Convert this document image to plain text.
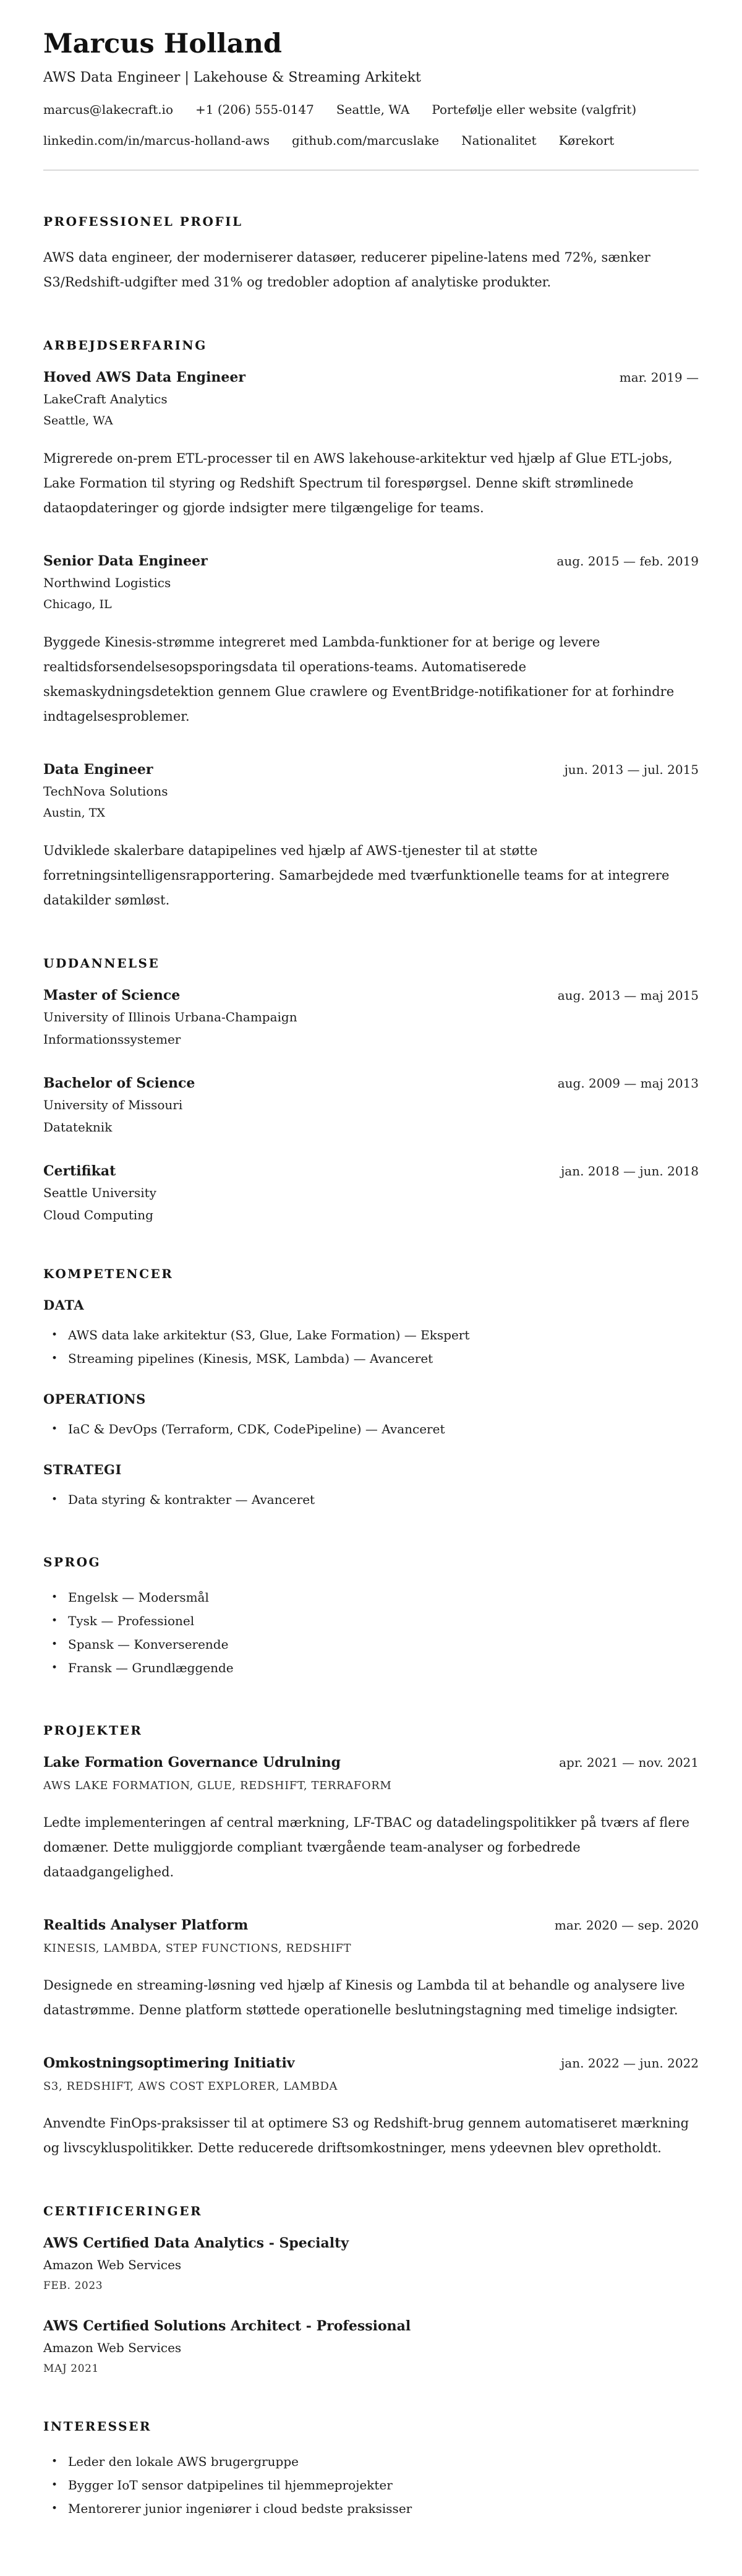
Marcus Holland
AWS Data Engineer | Lakehouse & Streaming Arkitekt
marcus@lakecraft.io +1 (206) 555-0147 Seattle, WA Portefølje eller website (valgfrit)
linkedin.com/in/marcus-holland-aws github.com/marcuslake Nationalitet Kørekort
PROFESSIONEL PROFIL

AWS data engineer, der moderniserer datasøer, reducerer pipeline-latens med 72%, sænker S3/Redshift-udgifter med 31% og tredobler adoption af analytiske produkter.

ARBEJDSERFARING
Hoved AWS Data Engineer	mar. 2019 —
LakeCraft Analytics
Seattle, WA

Migrerede on-prem ETL-processer til en AWS lakehouse-arkitektur ved hjælp af Glue ETL-jobs, Lake Formation til styring og Redshift Spectrum til forespørgsel. Denne skift strømlinede dataopdateringer og gjorde indsigter mere tilgængelige for teams.

Senior Data Engineer	aug. 2015 — feb. 2019
Northwind Logistics
Chicago, IL

Byggede Kinesis-strømme integreret med Lambda-funktioner for at berige og levere realtidsforsendelsesopsporingsdata til operations-teams. Automatiserede skemaskydningsdetektion gennem Glue crawlere og EventBridge-notifikationer for at forhindre indtagelsesproblemer.

Data Engineer	jun. 2013 — jul. 2015
TechNova Solutions
Austin, TX

Udviklede skalerbare datapipelines ved hjælp af AWS-tjenester til at støtte forretningsintelligensrapportering. Samarbejdede med tværfunktionelle teams for at integrere datakilder sømløst.

UDDANNELSE
Master of Science	aug. 2013 — maj 2015
University of Illinois Urbana-Champaign
Informationssystemer
Bachelor of Science	aug. 2009 — maj 2013
University of Missouri
Datateknik
Certifikat	jan. 2018 — jun. 2018
Seattle University
Cloud Computing
KOMPETENCER
DATA
• AWS data lake arkitektur (S3, Glue, Lake Formation) — Ekspert
• Streaming pipelines (Kinesis, MSK, Lambda) — Avanceret
OPERATIONS
• IaC & DevOps (Terraform, CDK, CodePipeline) — Avanceret
STRATEGI
• Data styring & kontrakter — Avanceret
SPROG
• Engelsk — Modersmål
• Tysk — Professionel
• Spansk — Konverserende
• Fransk — Grundlæggende
PROJEKTER
Lake Formation Governance Udrulning	apr. 2021 — nov. 2021
AWS LAKE FORMATION, GLUE, REDSHIFT, TERRAFORM

Ledte implementeringen af central mærkning, LF-TBAC og datadelingspolitikker på tværs af flere domæner. Dette muliggjorde compliant tværgående team-analyser og forbedrede dataadgangelighed.

Realtids Analyser Platform	mar. 2020 — sep. 2020
KINESIS, LAMBDA, STEP FUNCTIONS, REDSHIFT

Designede en streaming-løsning ved hjælp af Kinesis og Lambda til at behandle og analysere live datastrømme. Denne platform støttede operationelle beslutningstagning med timelige indsigter.

Omkostningsoptimering Initiativ	jan. 2022 — jun. 2022
S3, REDSHIFT, AWS COST EXPLORER, LAMBDA

Anvendte FinOps-praksisser til at optimere S3 og Redshift-brug gennem automatiseret mærkning og livscykluspolitikker. Dette reducerede driftsomkostninger, mens ydeevnen blev opretholdt.

CERTIFICERINGER
AWS Certified Data Analytics - Specialty
Amazon Web Services
FEB. 2023
AWS Certified Solutions Architect - Professional
Amazon Web Services
MAJ 2021
INTERESSER
• Leder den lokale AWS brugergruppe
• Bygger IoT sensor datpipelines til hjemmeprojekter
• Mentorerer junior ingeniører i cloud bedste praksisser
